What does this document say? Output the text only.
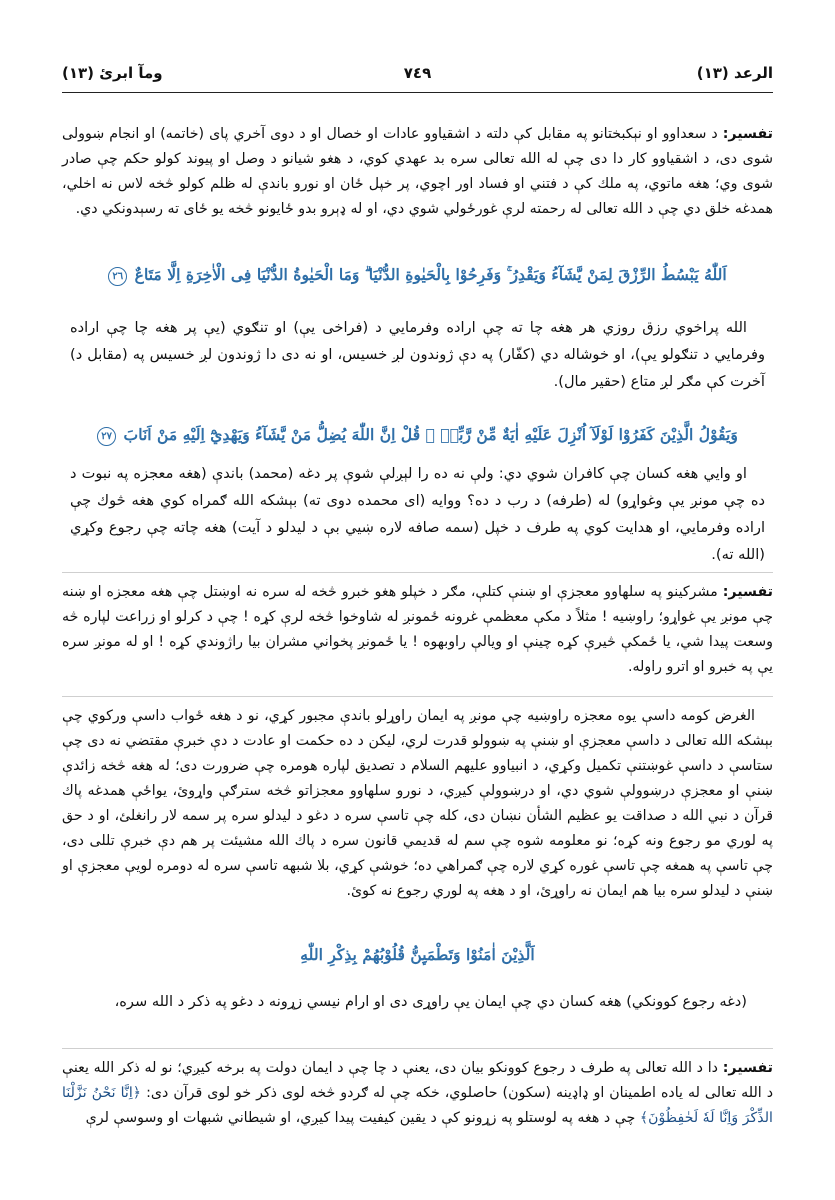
الرعد (١٣)
٧٤٩
ومآ ابرئ (١٣)
تفسیر: د سعداوو او نېکبختانو په مقابل کې دلته د اشقیاوو عادات او خصال او د دوی آخري پای (خاتمه) او انجام ښوولی شوی دی، د اشقیاوو کار دا دی چې له الله تعالی سره بد عهدي کوي، د هغو شیانو د وصل او پیوند کولو حکم چې صادر شوی وي؛ هغه ماتوي، په ملك کې د فتني او فساد اور اچوي، پر خپل ځان او نورو باندې له ظلم کولو څخه لاس نه اخلي، همدغه خلق دي چې د الله تعالی له رحمته لرې غورځولي شوي دي، او له ډېرو بدو ځایونو څخه یو ځای ته رسېدونکي دي.
اَللّٰهُ يَبْسُطُ الرِّزْقَ لِمَنْ يَّشَآءُ وَيَقْدِرُ ۚ وَفَرِحُوْا بِالْحَيٰوةِ الدُّنْيَا ۗ وَمَا الْحَيٰوةُ الدُّنْيَا فِى الْاٰخِرَةِ اِلَّا مَتَاعٌ ٢٦
الله پراخوي رزق روزي هر هغه چا ته چې اراده وفرمایي د (فراخی یې) او تنګوي (یې پر هغه چا چې اراده وفرمایي د تنګولو یې)، او خوشاله دي (کفّار) په دې ژوندون لږ خسیس، او نه دی دا ژوندون لږ خسیس په (مقابل د) آخرت کې مګر لږ متاع (حقیر مال).
وَيَقُوْلُ الَّذِيْنَ كَفَرُوْا لَوْلَآ اُنْزِلَ عَلَيْهِ اٰيَةٌ مِّنْ رَّبِّهٖ ۗ قُلْ اِنَّ اللّٰهَ يُضِلُّ مَنْ يَّشَآءُ وَيَهْدِيْٓ اِلَيْهِ مَنْ اَنَابَ ٢٧
او وایي هغه کسان چې کافران شوي دي: ولې نه ده را لېږلې شوې پر دغه (محمد) باندې (هغه معجزه په نبوت د ده چې مونږ یې وغواړو) له (طرفه) د رب د ده؟ ووایه (ای محمده دوی ته) بېشکه الله ګمراه کوي هغه څوك چې اراده وفرمایي، او هدایت کوي په طرف د خپل (سمه صافه لاره ښیي بې د لیدلو د آیت) هغه چاته چې رجوع وکړي (الله ته).
تفسیر: مشرکینو په سلهاوو معجزې او ښنې کتلې، مګر د خپلو هغو خبرو څخه له سره نه اوښتل چې هغه معجزه او ښنه چې مونږ یې غواړو؛ راوښیه ! مثلاً د مکې معظمې غرونه ځمونږ له شاوخوا څخه لرې کړه ! چې د کرلو او زراعت لپاره څه وسعت پیدا شي، یا ځمکې څیرې کړه چینې او ویالې راوبهوه ! یا ځمونږ پخواني مشران بیا راژوندي کړه ! او له مونږ سره یې په خبرو او اترو راوله.
الغرض کومه داسې یوه معجزه راوښیه چې مونږ په ایمان راوړلو باندې مجبور کړي، نو د هغه ځواب داسې ورکوي چې بېشکه الله تعالی د داسې معجزې او ښنې په ښوولو قدرت لري، لیکن د ده حکمت او عادت د دې خبرې مقتضي نه دی چې ستاسې د داسې غوښتنې تکمیل وکړي، د انبیاوو علیهم السلام د تصدیق لپاره هومره چې ضرورت دی؛ له هغه څخه زائدې ښنې او معجزې درښوولې شوي دي، او درښوولې کیږي، د نورو سلهاوو معجزاتو څخه سترګې واړوئ، یواځې همدغه پاك قرآن د نبي الله د صداقت یو عظیم الشأن نښان دی، کله چې تاسې سره د دغو د لیدلو سره پر سمه لار رانغلئ، او د حق په لوري مو رجوع ونه کړه؛ نو معلومه شوه چې سم له قدیمي قانون سره د پاك الله مشیئت پر هم دې خبرې تللی دی، چې تاسې په همغه چې تاسې غوره کړي لاره چې ګمراهي ده؛ خوشې کړي، بلا شبهه تاسې سره له دومره لویې معجزې او ښنې د لیدلو سره بیا هم ایمان نه راوړئ، او د هغه په لوري رجوع نه کوئ.
اَلَّذِيْنَ اٰمَنُوْا وَتَطْمَىِٕنُّ قُلُوْبُهُمْ بِذِكْرِ اللّٰهِ
(دغه رجوع کوونکي) هغه کسان دي چې ایمان یې راوړی دی او ارام نیسي زړونه د دغو په ذکر د الله سره،
تفسیر: دا د الله تعالی په طرف د رجوع کوونکو بیان دی، یعنې د چا چې د ایمان دولت په برخه کیږي؛ نو له ذکر الله یعنې د الله تعالی له یاده اطمینان او ډاډینه (سکون) حاصلوي، خکه چې له ګردو څخه لوی ذکر خو لوی قرآن دی: ﴿اِنَّا نَحْنُ نَزَّلْنَا الذِّكْرَ وَاِنَّا لَهٗ لَحٰفِظُوْنَ﴾ چې د هغه په لوستلو په زړونو کې د یقین کیفیت پیدا کیږي، او شیطاني شبهات او وسوسې لرې
